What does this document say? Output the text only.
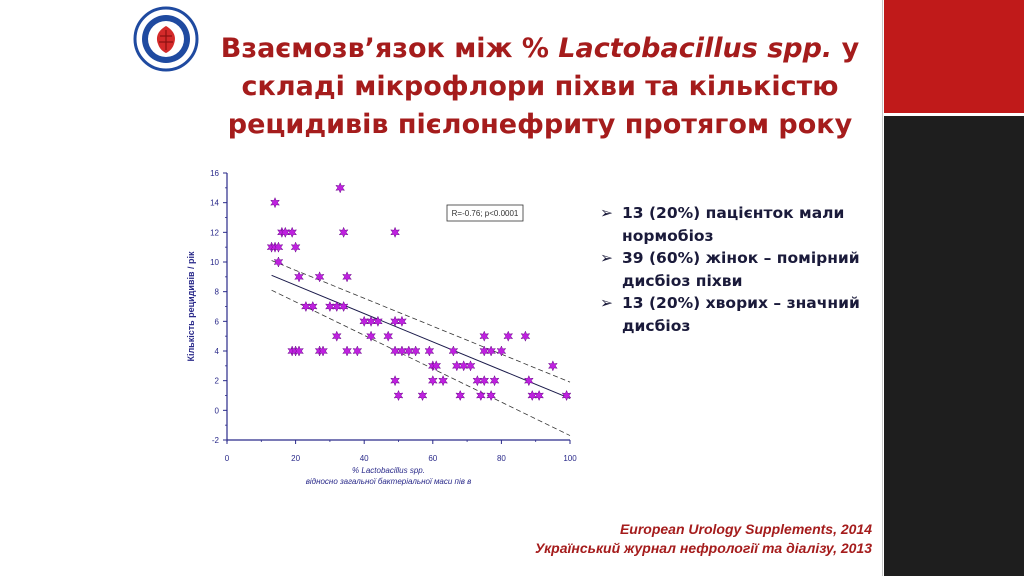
Взаємозв’язок між % Lactobacillus spp. у складі мікрофлори піхви та кількістю рецидивів пієлонефриту протягом року
-2
0
2
4
6
8
10
12
14
16
0	20	40	60	80	100
Кількість рецидивів / рік
% Lactobacillus spp.
відносно загальної бактеріальної маси пів в
R=-0.76; p<0.0001	➢ 13 (20%) пацієнток мали нормобіоз
➢ 39 (60%) жінок – помірний дисбіоз піхви
➢ 13 (20%) хворих – значний дисбіоз
European Urology Supplements, 2014
Український журнал нефрології та діалізу, 2013
